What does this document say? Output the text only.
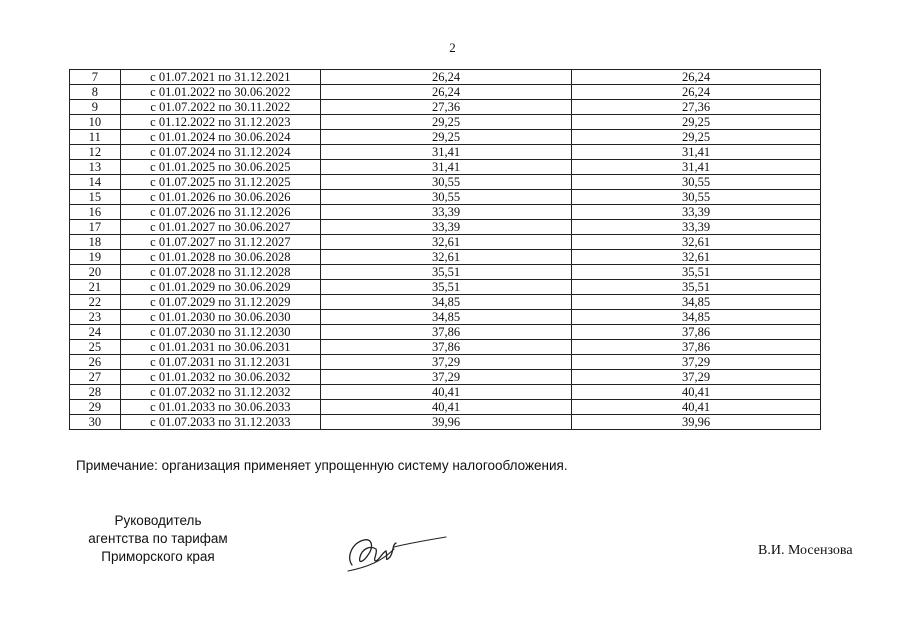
2
7	с 01.07.2021 по 31.12.2021	26,24	26,24
8	с 01.01.2022 по 30.06.2022	26,24	26,24
9	с 01.07.2022 по 30.11.2022	27,36	27,36
10	с 01.12.2022 по 31.12.2023	29,25	29,25
11	с 01.01.2024 по 30.06.2024	29,25	29,25
12	с 01.07.2024 по 31.12.2024	31,41	31,41
13	с 01.01.2025 по 30.06.2025	31,41	31,41
14	с 01.07.2025 по 31.12.2025	30,55	30,55
15	с 01.01.2026 по 30.06.2026	30,55	30,55
16	с 01.07.2026 по 31.12.2026	33,39	33,39
17	с 01.01.2027 по 30.06.2027	33,39	33,39
18	с 01.07.2027 по 31.12.2027	32,61	32,61
19	с 01.01.2028 по 30.06.2028	32,61	32,61
20	с 01.07.2028 по 31.12.2028	35,51	35,51
21	с 01.01.2029 по 30.06.2029	35,51	35,51
22	с 01.07.2029 по 31.12.2029	34,85	34,85
23	с 01.01.2030 по 30.06.2030	34,85	34,85
24	с 01.07.2030 по 31.12.2030	37,86	37,86
25	с 01.01.2031 по 30.06.2031	37,86	37,86
26	с 01.07.2031 по 31.12.2031	37,29	37,29
27	с 01.01.2032 по 30.06.2032	37,29	37,29
28	с 01.07.2032 по 31.12.2032	40,41	40,41
29	с 01.01.2033 по 30.06.2033	40,41	40,41
30	с 01.07.2033 по 31.12.2033	39,96	39,96
Примечание: организация применяет упрощенную систему налогообложения.
Руководитель
агентства по тарифам
Приморского края	В.И. Мосензова
